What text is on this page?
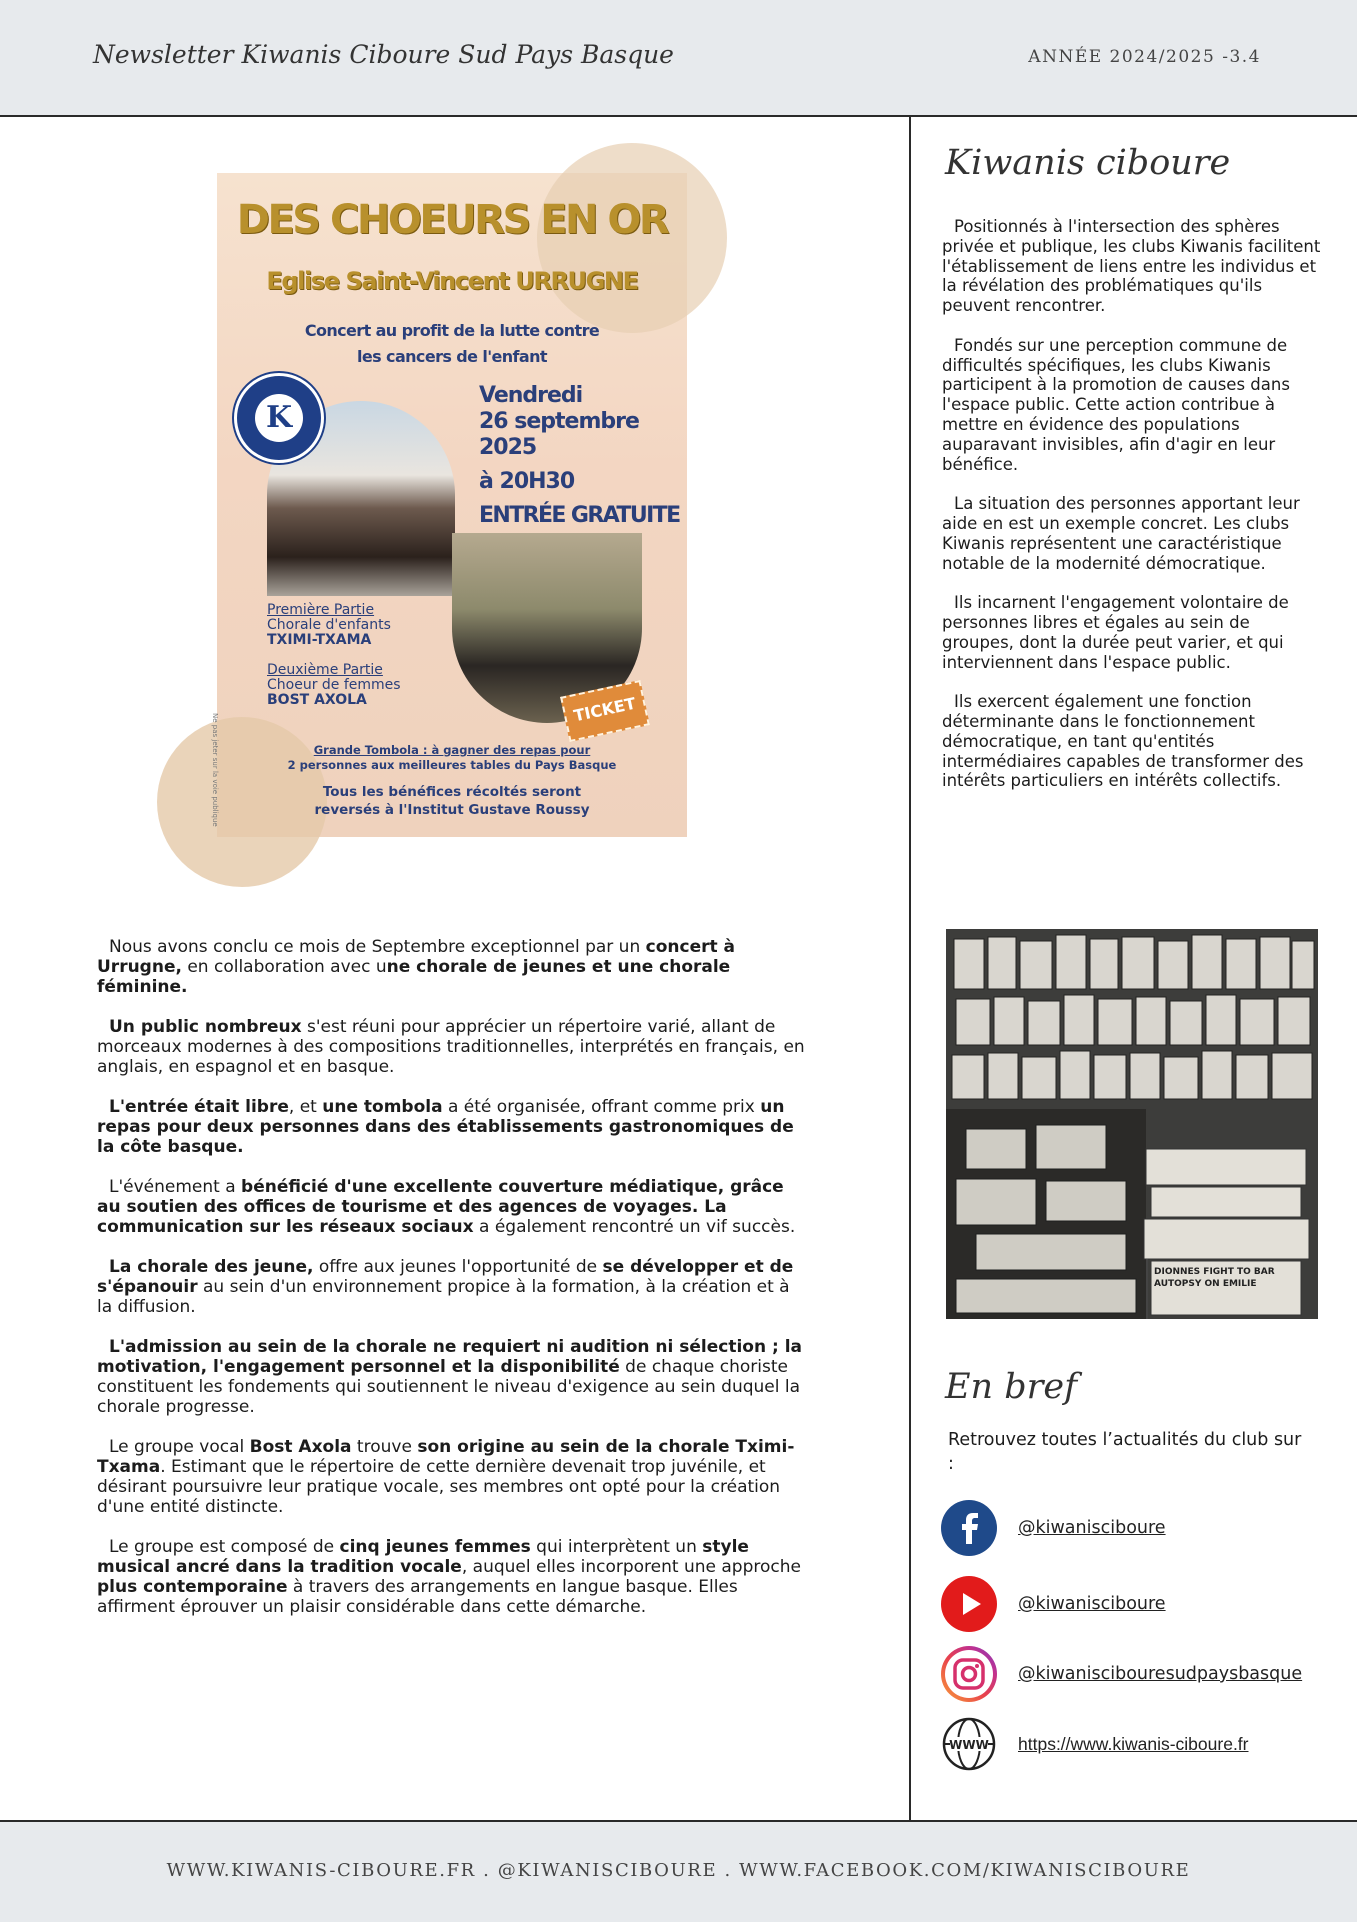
Newsletter Kiwanis Ciboure Sud Pays Basque	ANNÉE 2024/2025 -3.4
DES CHOEURS EN OR
Eglise Saint-Vincent URRUGNE
Concert au profit de la lutte contre
les cancers de l'enfant
K
Vendredi
26 septembre
2025
à 20H30
ENTRÉE GRATUITE
Première Partie
Chorale d'enfants
TXIMI-TXAMA
Deuxième Partie
Choeur de femmes
BOST AXOLA	TICKET
Grande Tombola : à gagner des repas pour
2 personnes aux meilleures tables du Pays Basque
Tous les bénéfices récoltés seront
reversés à l'Institut Gustave Roussy
Ne pas jeter sur la voie publique

Nous avons conclu ce mois de Septembre exceptionnel par un concert à Urrugne, en collaboration avec une chorale de jeunes et une chorale féminine.

Un public nombreux s'est réuni pour apprécier un répertoire varié, allant de morceaux modernes à des compositions traditionnelles, interprétés en français, en anglais, en espagnol et en basque.

L'entrée était libre, et une tombola a été organisée, offrant comme prix un repas pour deux personnes dans des établissements gastronomiques de la côte basque.

L'événement a bénéficié d'une excellente couverture médiatique, grâce au soutien des offices de tourisme et des agences de voyages. La communication sur les réseaux sociaux a également rencontré un vif succès.

La chorale des jeune, offre aux jeunes l'opportunité de se développer et de s'épanouir au sein d'un environnement propice à la formation, à la création et à la diffusion.

L'admission au sein de la chorale ne requiert ni audition ni sélection ; la motivation, l'engagement personnel et la disponibilité de chaque choriste constituent les fondements qui soutiennent le niveau d'exigence au sein duquel la chorale progresse.

Le groupe vocal Bost Axola trouve son origine au sein de la chorale Tximi-Txama. Estimant que le répertoire de cette dernière devenait trop juvénile, et désirant poursuivre leur pratique vocale, ses membres ont opté pour la création d'une entité distincte.

Le groupe est composé de cinq jeunes femmes qui interprètent un style musical ancré dans la tradition vocale, auquel elles incorporent une approche plus contemporaine à travers des arrangements en langue basque. Elles affirment éprouver un plaisir considérable dans cette démarche.

Kiwanis ciboure

Positionnés à l'intersection des sphères privée et publique, les clubs Kiwanis facilitent l'établissement de liens entre les individus et la révélation des problématiques qu'ils peuvent rencontrer.

Fondés sur une perception commune de difficultés spécifiques, les clubs Kiwanis participent à la promotion de causes dans l'espace public. Cette action contribue à mettre en évidence des populations auparavant invisibles, afin d'agir en leur bénéfice.

La situation des personnes apportant leur aide en est un exemple concret. Les clubs Kiwanis représentent une caractéristique notable de la modernité démocratique.

Ils incarnent l'engagement volontaire de personnes libres et égales au sein de groupes, dont la durée peut varier, et qui interviennent dans l'espace public.

Ils exercent également une fonction déterminante dans le fonctionnement démocratique, en tant qu'entités intermédiaires capables de transformer des intérêts particuliers en intérêts collectifs.

DIONNES FIGHT TO BAR
AUTOPSY ON EMILIE
En bref
Retrouvez toutes l’actualités du club sur :
@kiwanisciboure
@kiwanisciboure
@kiwaniscibouresudpaysbasque
WWW https://www.kiwanis-ciboure.fr
WWW.KIWANIS-CIBOURE.FR . @KIWANISCIBOURE . WWW.FACEBOOK.COM/KIWANISCIBOURE
